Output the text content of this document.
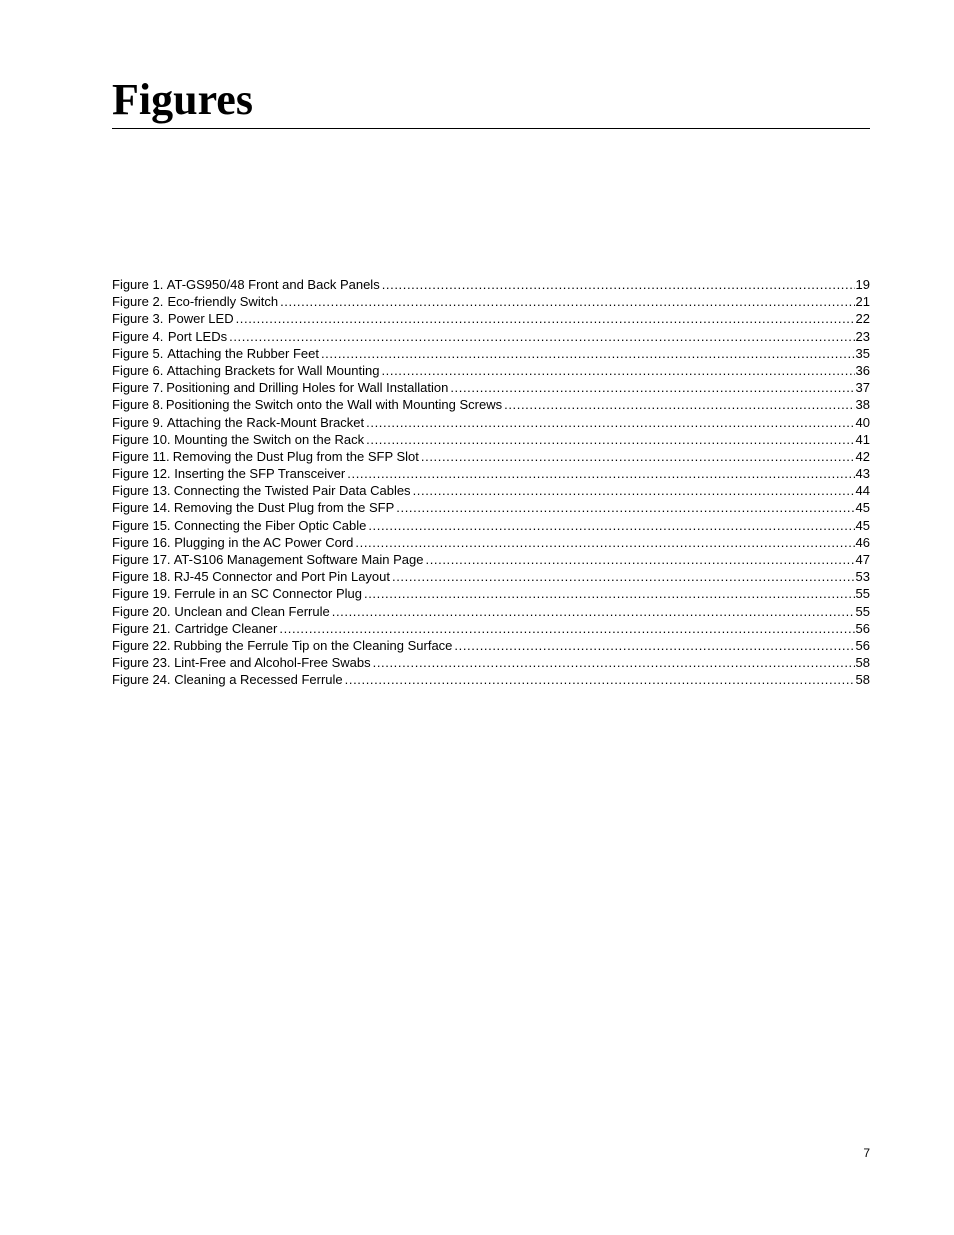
Figures
Figure 1. AT-GS950/48 Front and Back Panels .....	19
Figure 2. Eco-friendly Switch .....	21
Figure 3. Power LED .....	22
Figure 4. Port LEDs .....	23
Figure 5. Attaching the Rubber Feet .....	35
Figure 6. Attaching Brackets for Wall Mounting .....	36
Figure 7. Positioning and Drilling Holes for Wall Installation .....	37
Figure 8. Positioning the Switch onto the Wall with Mounting Screws .....	38
Figure 9. Attaching the Rack-Mount Bracket .....	40
Figure 10. Mounting the Switch on the Rack .....	41
Figure 11. Removing the Dust Plug from the SFP Slot .....	42
Figure 12. Inserting the SFP Transceiver .....	43
Figure 13. Connecting the Twisted Pair Data Cables .....	44
Figure 14. Removing the Dust Plug from the SFP .....	45
Figure 15. Connecting the Fiber Optic Cable .....	45
Figure 16. Plugging in the AC Power Cord .....	46
Figure 17. AT-S106 Management Software Main Page .....	47
Figure 18. RJ-45 Connector and Port Pin Layout .....	53
Figure 19. Ferrule in an SC Connector Plug .....	55
Figure 20. Unclean and Clean Ferrule .....	55
Figure 21. Cartridge Cleaner .....	56
Figure 22. Rubbing the Ferrule Tip on the Cleaning Surface .....	56
Figure 23. Lint-Free and Alcohol-Free Swabs .....	58
Figure 24. Cleaning a Recessed Ferrule .....	58
7
